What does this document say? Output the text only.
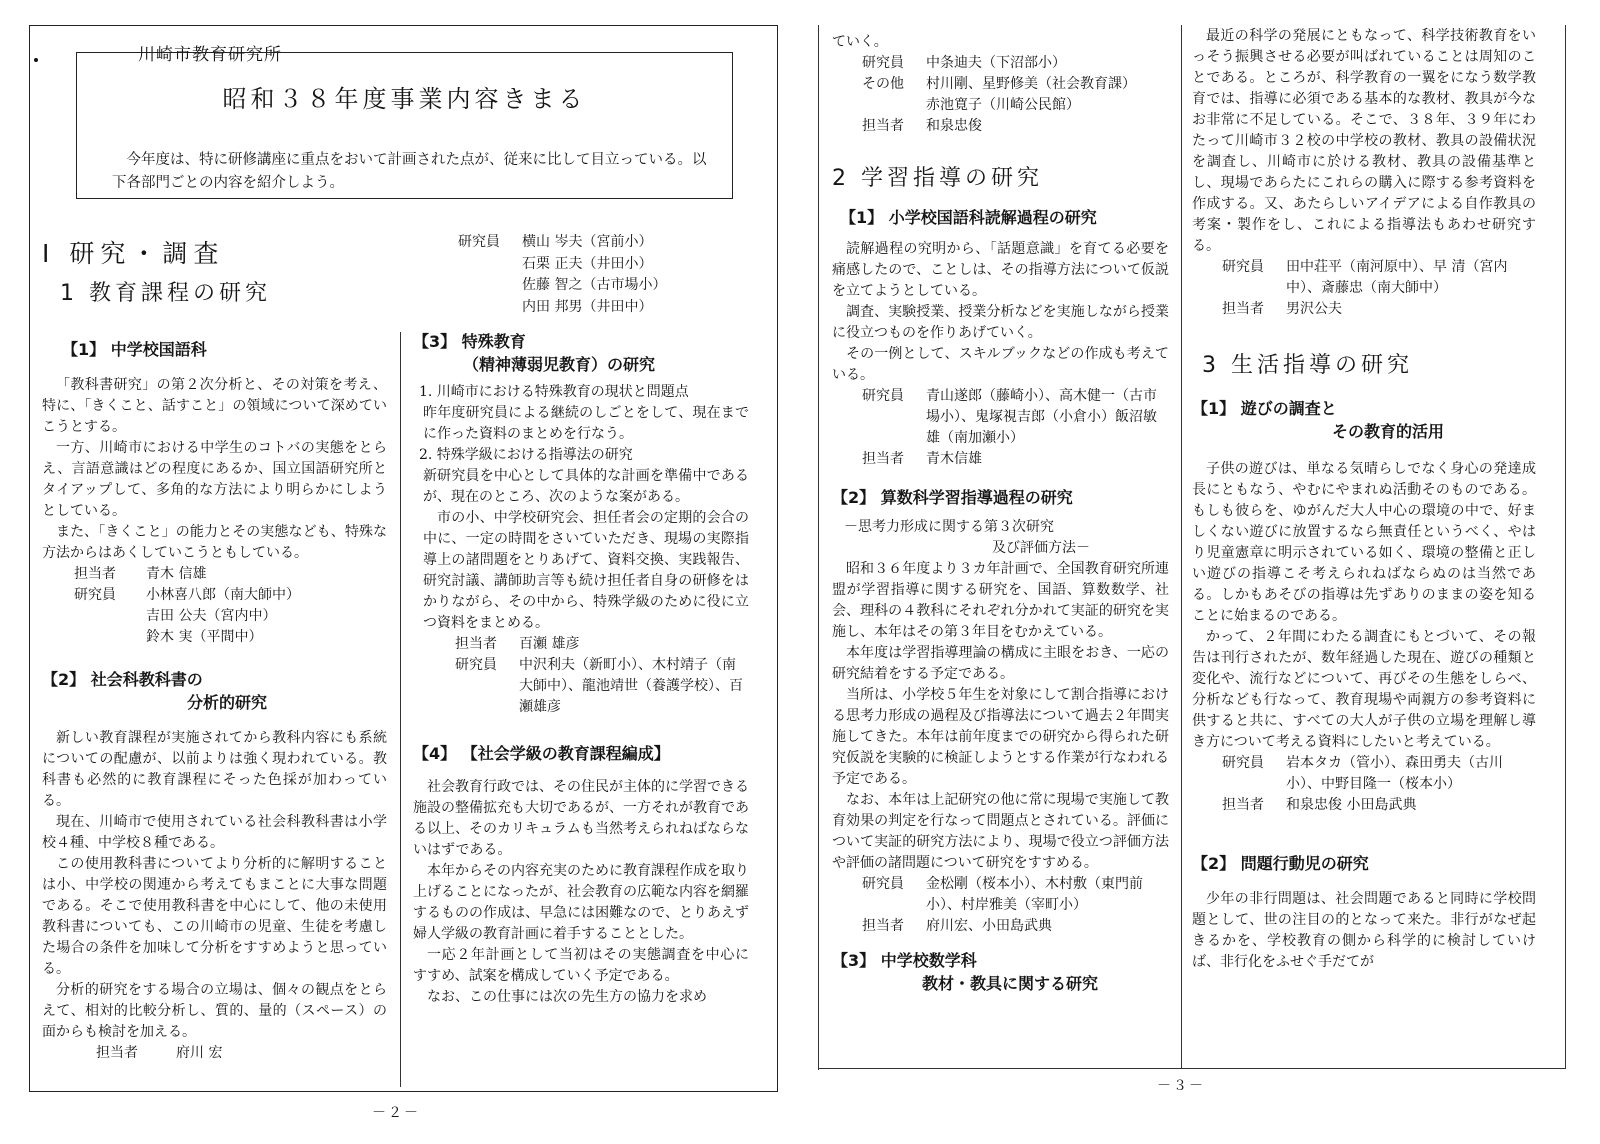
川崎市教育研究所
昭和３８年度事業内容きまる
今年度は、特に研修講座に重点をおいて計画された点が、従来に比して目立っている。以下各部門ごとの内容を紹介しよう。
Ⅰ 研究・調査
1 教育課程の研究
研究員	横山 岑夫（宮前小）
石栗 正夫（井田小）
佐藤 智之（古市場小）
内田 邦男（井田中）
【1】 中学校国語科
「教科書研究」の第２次分析と、その対策を考え、特に、「きくこと、話すこと」の領域について深めていこうとする。
一方、川崎市における中学生のコトバの実態をとらえ、言語意識はどの程度にあるか、国立国語研究所とタイアップして、多角的な方法により明らかにしようとしている。
また、「きくこと」の能力とその実態なども、特殊な方法からはあくしていこうともしている。
担当者	青木 信雄
研究員	小林喜八郎（南大師中）
吉田 公夫（宮内中）
鈴木 実（平間中）
【2】 社会科教科書の
分析的研究
新しい教育課程が実施されてから教科内容にも系統についての配慮が、以前よりは強く現われている。教科書も必然的に教育課程にそった色採が加わっている。
現在、川崎市で使用されている社会科教科書は小学校４種、中学校８種である。
この使用教科書についてより分析的に解明することは小、中学校の関連から考えてもまことに大事な問題である。そこで使用教科書を中心にして、他の未使用教科書についても、この川崎市の児童、生徒を考慮した場合の条件を加味して分析をすすめようと思っている。
分析的研究をする場合の立場は、個々の観点をとらえて、相対的比較分析し、質的、量的（スペース）の面からも検討を加える。
担当者	府川 宏
【3】 特殊教育
（精神薄弱児教育）の研究
1. 川崎市における特殊教育の現状と問題点
昨年度研究員による継続のしごとをして、現在までに作った資料のまとめを行なう。
2. 特殊学級における指導法の研究
新研究員を中心として具体的な計画を準備中であるが、現在のところ、次のような案がある。
市の小、中学校研究会、担任者会の定期的会合の中に、一定の時間をさいていただき、現場の実際指導上の諸問題をとりあげて、資料交換、実践報告、研究討議、講師助言等も続け担任者自身の研修をはかりながら、その中から、特殊学級のために役に立つ資料をまとめる。
担当者	百瀬 雄彦
研究員	中沢利夫（新町小）、木村靖子（南大師中）、龍池靖世（養護学校）、百瀬雄彦
【4】 【社会学級の教育課程編成】
社会教育行政では、その住民が主体的に学習できる施設の整備拡充も大切であるが、一方それが教育である以上、そのカリキュラムも当然考えられねばならないはずである。
本年からその内容充実のために教育課程作成を取り上げることになったが、社会教育の広範な内容を網羅するものの作成は、早急には困難なので、とりあえず婦人学級の教育計画に着手することとした。
一応２年計画として当初はその実態調査を中心にすすめ、試案を構成していく予定である。
なお、この仕事には次の先生方の協力を求め
－２－
ていく。
研究員	中条迪夫（下沼部小）
その他	村川剛、星野修美（社会教育課）
赤池寛子（川崎公民館）
担当者	和泉忠俊
2 学習指導の研究
【1】 小学校国語科読解過程の研究
読解過程の究明から、「話題意識」を育てる必要を痛感したので、ことしは、その指導方法について仮説を立てようとしている。
調査、実験授業、授業分析などを実施しながら授業に役立つものを作りあげていく。
その一例として、スキルブックなどの作成も考えている。
研究員	青山遂郎（藤崎小）、高木健一（古市場小）、鬼塚視吉郎（小倉小）飯沼敏雄（南加瀬小）
担当者	青木信雄
【2】 算数科学習指導過程の研究
－思考力形成に関する第３次研究
及び評価方法－
昭和３６年度より３カ年計画で、全国教育研究所連盟が学習指導に関する研究を、国語、算数数学、社会、理科の４教科にそれぞれ分かれて実証的研究を実施し、本年はその第３年目をむかえている。
本年度は学習指導理論の構成に主眼をおき、一応の研究結着をする予定である。
当所は、小学校５年生を対象にして割合指導における思考力形成の過程及び指導法について過去２年間実施してきた。本年は前年度までの研究から得られた研究仮説を実験的に検証しようとする作業が行なわれる予定である。
なお、本年は上記研究の他に常に現場で実施して教育効果の判定を行なって問題点とされている。評価について実証的研究方法により、現場で役立つ評価方法や評価の諸問題について研究をすすめる。
研究員	金松剛（桜本小）、木村敷（東門前小）、村岸雅美（宰町小）
担当者	府川宏、小田島武典
【3】 中学校数学科
教材・教具に関する研究
最近の科学の発展にともなって、科学技術教育をいっそう振興させる必要が叫ばれていることは周知のことである。ところが、科学教育の一翼をになう数学教育では、指導に必須である基本的な教材、教具が今なお非常に不足している。そこで、３８年、３９年にわたって川崎市３２校の中学校の教材、教具の設備状況を調査し、川崎市に於ける教材、教具の設備基準とし、現場であらたにこれらの購入に際する参考資料を作成する。又、あたらしいアイデアによる自作教具の考案・製作をし、これによる指導法もあわせ研究する。
研究員	田中荘平（南河原中）、早 清（宮内中）、斎藤忠（南大師中）
担当者	男沢公夫
3 生活指導の研究
【1】 遊びの調査と
その教育的活用
子供の遊びは、単なる気晴らしでなく身心の発達成長にともなう、やむにやまれぬ活動そのものである。もしも彼らを、ゆがんだ大人中心の環境の中で、好ましくない遊びに放置するなら無責任というべく、やはり児童憲章に明示されている如く、環境の整備と正しい遊びの指導こそ考えられねばならぬのは当然である。しかもあそびの指導は先ずありのままの姿を知ることに始まるのである。
かって、２年間にわたる調査にもとづいて、その報告は刊行されたが、数年経過した現在、遊びの種類と変化や、流行などについて、再びその生態をしらべ、分析なども行なって、教育現場や両親方の参考資料に供すると共に、すべての大人が子供の立場を理解し導き方について考える資料にしたいと考えている。
研究員	岩本タカ（管小）、森田勇夫（古川小）、中野目隆一（桜本小）
担当者	和泉忠俊 小田島武典
【2】 問題行動児の研究
少年の非行問題は、社会問題であると同時に学校問題として、世の注目の的となって来た。非行がなぜ起きるかを、学校教育の側から科学的に検討していけば、非行化をふせぐ手だてが
－３－
